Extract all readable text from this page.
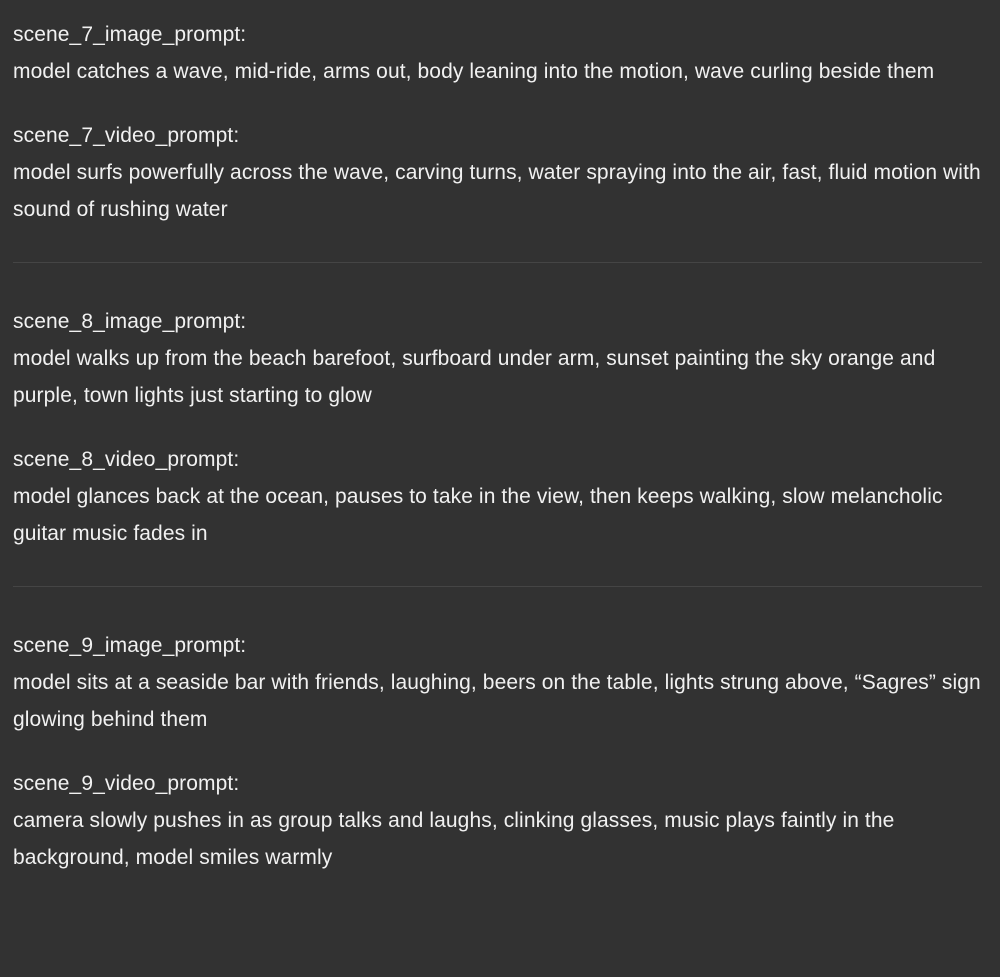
scene_7_image_prompt:
model catches a wave, mid-ride, arms out, body leaning into the motion, wave curling beside them
scene_7_video_prompt:
model surfs powerfully across the wave, carving turns, water spraying into the air, fast, fluid motion with sound of rushing water
scene_8_image_prompt:
model walks up from the beach barefoot, surfboard under arm, sunset painting the sky orange and purple, town lights just starting to glow
scene_8_video_prompt:
model glances back at the ocean, pauses to take in the view, then keeps walking, slow melancholic guitar music fades in
scene_9_image_prompt:
model sits at a seaside bar with friends, laughing, beers on the table, lights strung above, “Sagres” sign glowing behind them
scene_9_video_prompt:
camera slowly pushes in as group talks and laughs, clinking glasses, music plays faintly in the background, model smiles warmly
